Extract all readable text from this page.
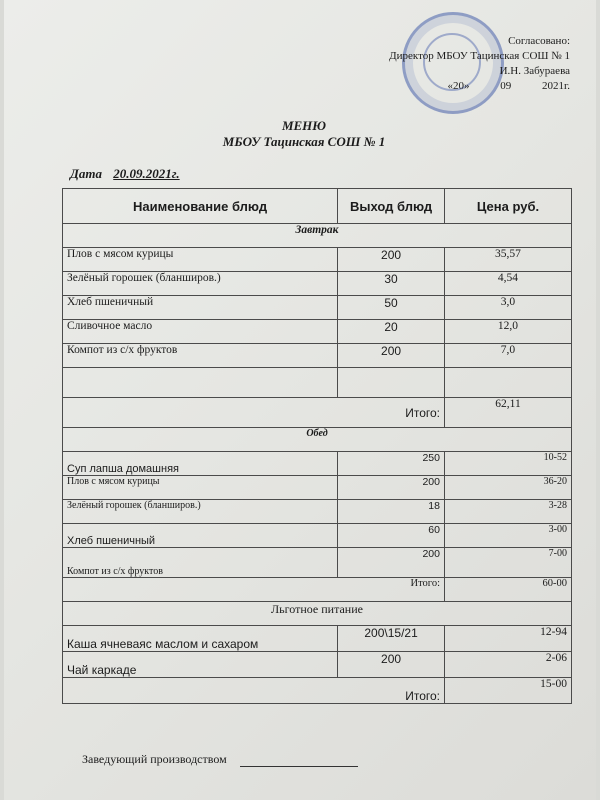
Согласовано:
Директор МБОУ Тацинская СОШ № 1
И.Н. Забураева
«20»	09	2021г.
МЕНЮ
МБОУ Тацинская СОШ № 1
Дата 20.09.2021г.
Наименование блюд	Выход блюд	Цена руб.
Завтрак		
Плов с мясом курицы	200	35,57
Зелёный горошек (бланширов.)	30	4,54
Хлеб пшеничный	50	3,0
Сливочное масло	20	12,0
Компот из с/х фруктов	200	7,0

Итого:		62,11
Обед		
Суп лапша домашняя	250	10-52
Плов с мясом курицы	200	36-20
Зелёный горошек (бланширов.)	18	3-28
Хлеб пшеничный	60	3-00
Компот из с/х фруктов	200	7-00
Итого:		60-00
Льготное питание		
Каша ячневаяс маслом и сахаром	200\15/21	12-94
Чай каркаде	200	2-06
Итого:		15-00
Заведующий производством
